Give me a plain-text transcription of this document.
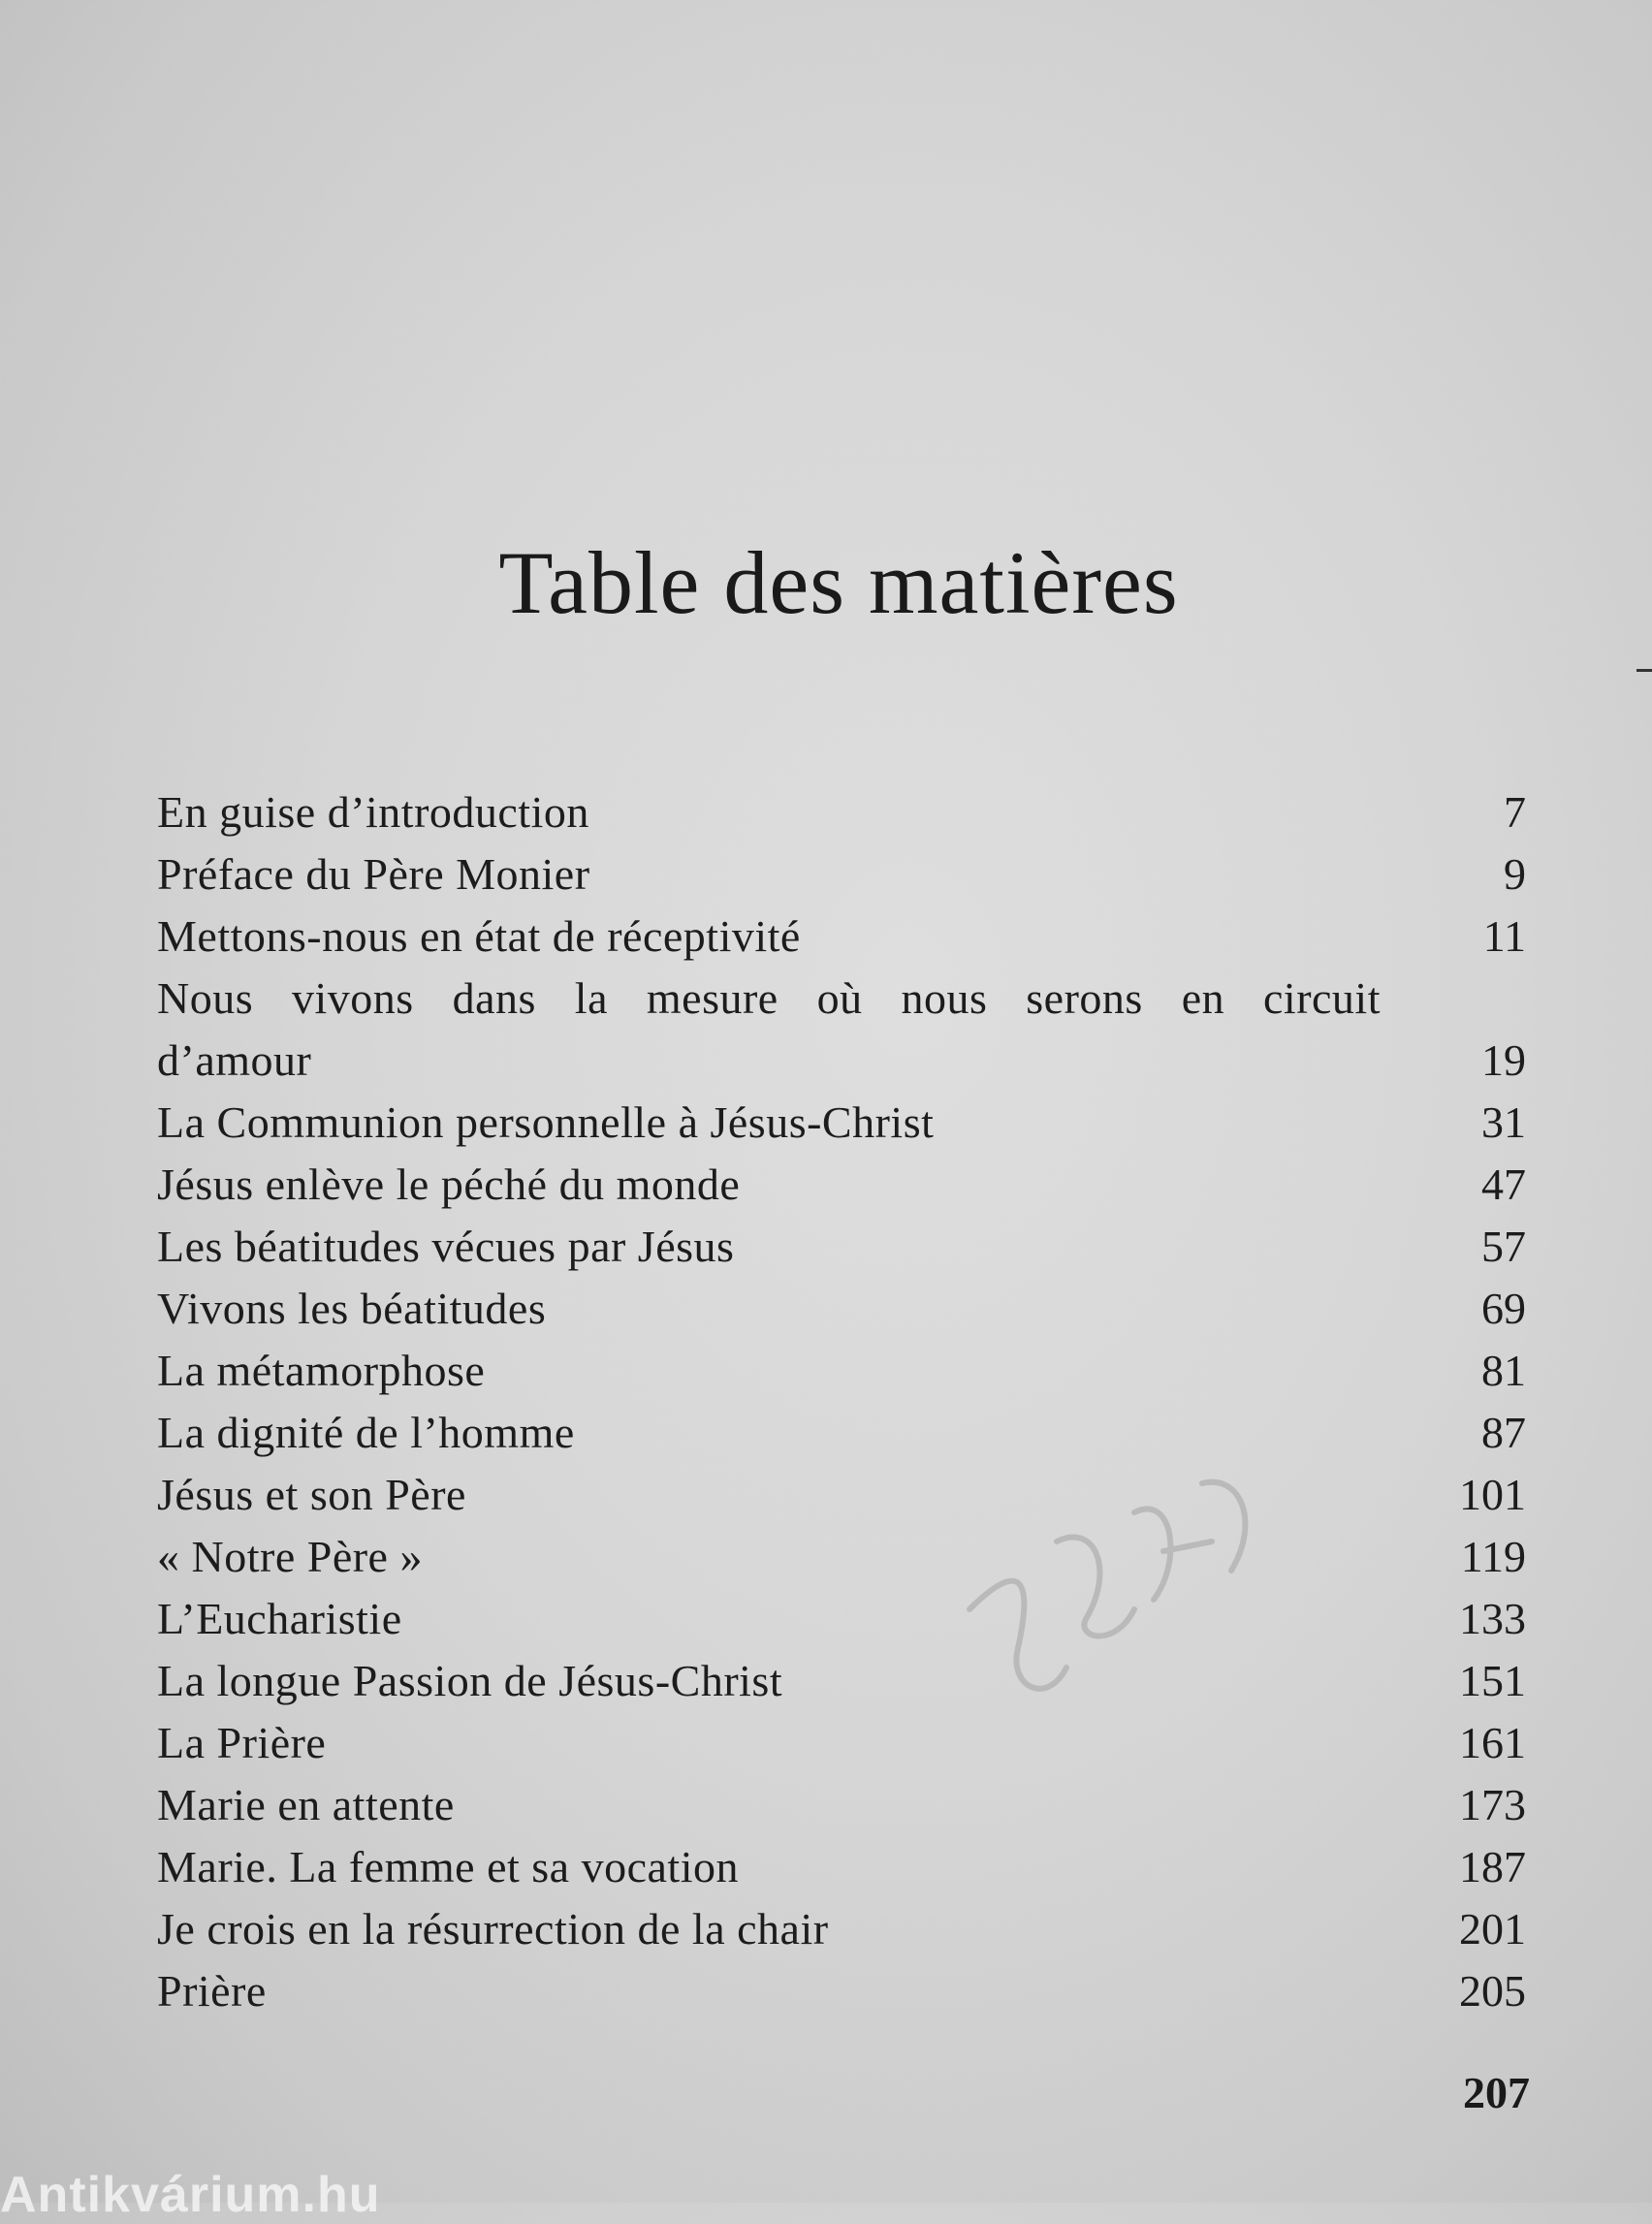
Table des matières
En guise d’introduction	7
Préface du Père Monier	9
Mettons-nous en état de réceptivité	11
Nous vivons dans la mesure où nous serons en circuit d’amour	19
La Communion personnelle à Jésus-Christ	31
Jésus enlève le péché du monde	47
Les béatitudes vécues par Jésus	57
Vivons les béatitudes	69
La métamorphose	81
La dignité de l’homme	87
Jésus et son Père	101
« Notre Père »	119
L’Eucharistie	133
La longue Passion de Jésus-Christ	151
La Prière	161
Marie en attente	173
Marie. La femme et sa vocation	187
Je crois en la résurrection de la chair	201
Prière	205
207
Antikvárium.hu
